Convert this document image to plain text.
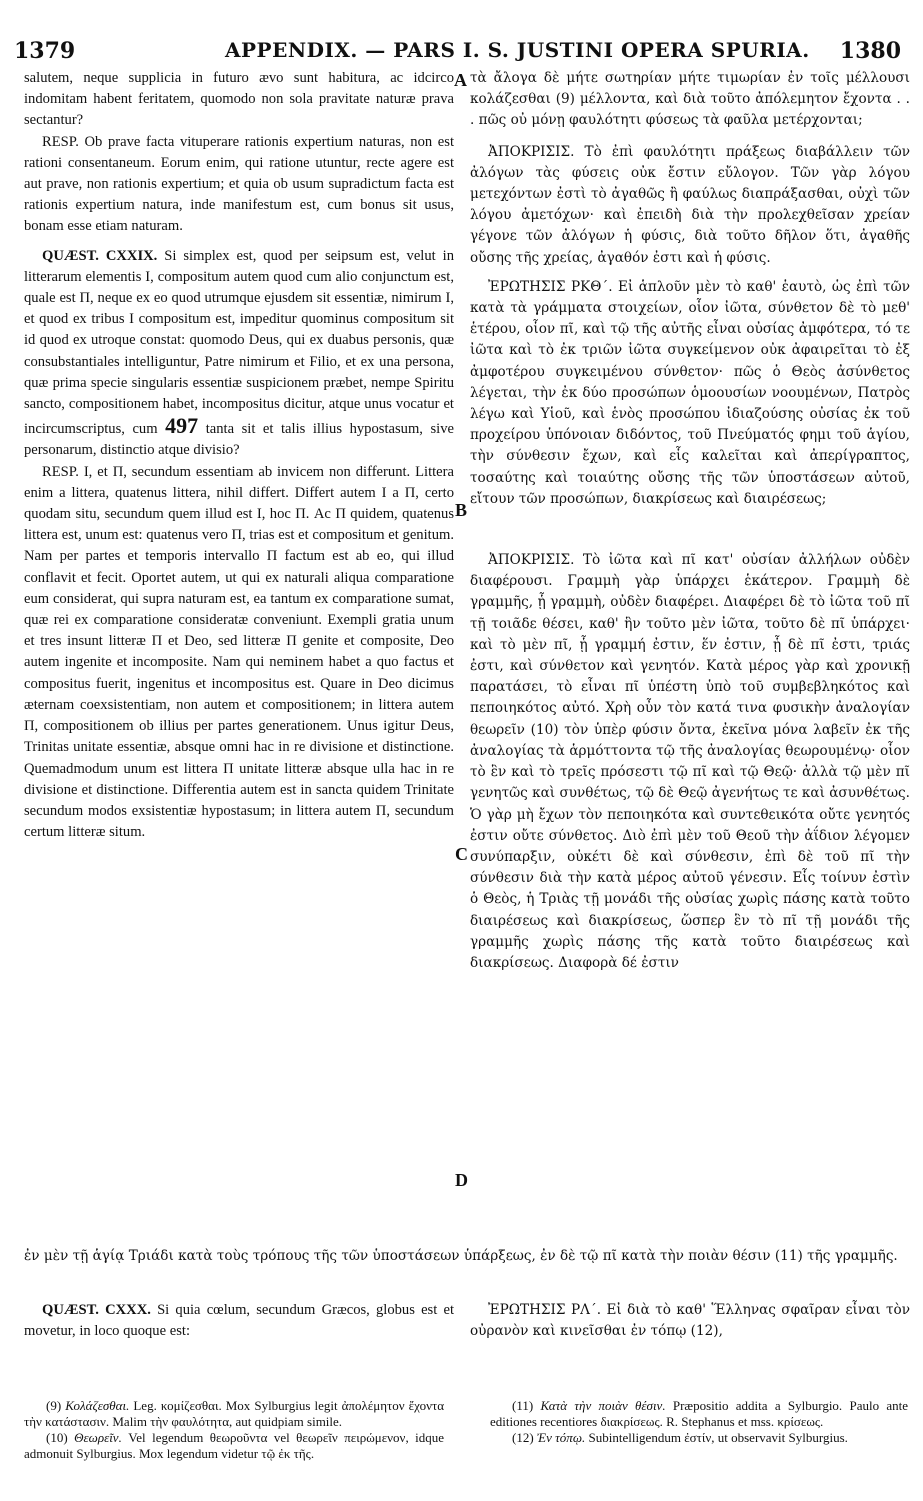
1379	APPENDIX. — PARS I. S. JUSTINI OPERA SPURIA. 1380
A
B
C
D

salutem, neque supplicia in futuro ævo sunt habitura, ac idcirco indomitam habent feritatem, quomodo non sola pravitate naturæ prava sectantur?

RESP. Ob prave facta vituperare rationis expertium naturas, non est rationi consentaneum. Eorum enim, qui ratione utuntur, recte agere est aut prave, non rationis expertium; et quia ob usum supradictum facta est rationis expertium natura, inde manifestum est, cum bonus sit usus, bonam esse etiam naturam.

QUÆST. CXXIX. Si simplex est, quod per seipsum est, velut in litterarum elementis I, compositum autem quod cum alio conjunctum est, quale est Π, neque ex eo quod utrumque ejusdem sit essentiæ, nimirum I, et quod ex tribus I compositum est, impeditur quominus compositum sit id quod ex utroque constat: quomodo Deus, qui ex duabus personis, quæ consubstantiales intelliguntur, Patre nimirum et Filio, et ex una persona, quæ prima specie singularis essentiæ suspicionem præbet, nempe Spiritu sancto, compositionem habet, incompositus dicitur, atque unus vocatur et incircumscriptus, cum 497 tanta sit et talis illius hypostasum, sive personarum, distinctio atque divisio?

RESP. I, et Π, secundum essentiam ab invicem non differunt. Littera enim a littera, quatenus littera, nihil differt. Differt autem I a Π, certo quodam situ, secundum quem illud est I, hoc Π. Ac Π quidem, quatenus littera est, unum est: quatenus vero Π, trias est et compositum et genitum. Nam per partes et temporis intervallo Π factum est ab eo, qui illud conflavit et fecit. Oportet autem, ut qui ex naturali aliqua comparatione eum considerat, qui supra naturam est, ea tantum ex comparatione sumat, quæ rei ex comparatione consideratæ conveniunt. Exempli gratia unum et tres insunt litteræ Π et Deo, sed litteræ Π genite et composite, Deo autem ingenite et incomposite. Nam qui neminem habet a quo factus et compositus fuerit, ingenitus et incompositus est. Quare in Deo dicimus æternam coexsistentiam, non autem et compositionem; in littera autem Π, compositionem ob illius per partes generationem. Unus igitur Deus, Trinitas unitate essentiæ, absque omni hac in re divisione et distinctione. Quemadmodum unum est littera Π unitate litteræ absque ulla hac in re divisione et distinctione. Differentia autem est in sancta quidem Trinitate secundum modos exsistentiæ hypostasum; in littera autem Π, secundum certum litteræ situm.

τὰ ἄλογα δὲ μήτε σωτηρίαν μήτε τιμωρίαν ἐν τοῖς μέλλουσι κολάζεσθαι (9) μέλλοντα, καὶ διὰ τοῦτο ἀπόλεμητον ἔχοντα . . . πῶς οὐ μόνῃ φαυλότητι φύσεως τὰ φαῦλα μετέρχονται;

ἈΠΟΚΡΙΣΙΣ. Τὸ ἐπὶ φαυλότητι πράξεως διαβάλλειν τῶν ἀλόγων τὰς φύσεις οὐκ ἔστιν εὔλογον. Τῶν γὰρ λόγου μετεχόντων ἐστὶ τὸ ἀγαθῶς ἢ φαύλως διαπράξασθαι, οὐχὶ τῶν λόγου ἀμετόχων· καὶ ἐπειδὴ διὰ τὴν προλεχθεῖσαν χρείαν γέγονε τῶν ἀλόγων ἡ φύσις, διὰ τοῦτο δῆλον ὅτι, ἀγαθῆς οὔσης τῆς χρείας, ἀγαθόν ἐστι καὶ ἡ φύσις.

ἘΡΩΤΗΣΙΣ ΡΚΘ΄. Εἰ ἁπλοῦν μὲν τὸ καθ' ἑαυτὸ, ὡς ἐπὶ τῶν κατὰ τὰ γράμματα στοιχείων, οἷον ἰῶτα, σύνθετον δὲ τὸ μεθ' ἑτέρου, οἷον πῖ, καὶ τῷ τῆς αὐτῆς εἶναι οὐσίας ἀμφότερα, τό τε ἰῶτα καὶ τὸ ἐκ τριῶν ἰῶτα συγκείμενον οὐκ ἀφαιρεῖται τὸ ἐξ ἀμφοτέρου συγκειμένου σύνθετον· πῶς ὁ Θεὸς ἀσύνθετος λέγεται, τὴν ἐκ δύο προσώπων ὁμοουσίων νοουμένων, Πατρὸς λέγω καὶ Υἱοῦ, καὶ ἑνὸς προσώπου ἰδιαζούσης οὐσίας ἐκ τοῦ προχείρου ὑπόνοιαν διδόντος, τοῦ Πνεύματός φημι τοῦ ἁγίου, τὴν σύνθεσιν ἔχων, καὶ εἷς καλεῖται καὶ ἀπερίγραπτος, τοσαύτης καὶ τοιαύτης οὔσης τῆς τῶν ὑποστάσεων αὐτοῦ, εἴτουν τῶν προσώπων, διακρίσεως καὶ διαιρέσεως;

ἈΠΟΚΡΙΣΙΣ. Τὸ ἰῶτα καὶ πῖ κατ' οὐσίαν ἀλλήλων οὐδὲν διαφέρουσι. Γραμμὴ γὰρ ὑπάρχει ἑκάτερον. Γραμμὴ δὲ γραμμῆς, ᾗ γραμμὴ, οὐδὲν διαφέρει. Διαφέρει δὲ τὸ ἰῶτα τοῦ πῖ τῇ τοιᾶδε θέσει, καθ' ἣν τοῦτο μὲν ἰῶτα, τοῦτο δὲ πῖ ὑπάρχει· καὶ τὸ μὲν πῖ, ᾗ γραμμή ἐστιν, ἕν ἐστιν, ᾗ δὲ πῖ ἐστι, τριάς ἐστι, καὶ σύνθετον καὶ γενητόν. Κατὰ μέρος γὰρ καὶ χρονικῇ παρατάσει, τὸ εἶναι πῖ ὑπέστη ὑπὸ τοῦ συμβεβληκότος καὶ πεποιηκότος αὐτό. Χρὴ οὖν τὸν κατά τινα φυσικὴν ἀναλογίαν θεωρεῖν (10) τὸν ὑπὲρ φύσιν ὄντα, ἐκεῖνα μόνα λαβεῖν ἐκ τῆς ἀναλογίας τὰ ἁρμόττοντα τῷ τῆς ἀναλογίας θεωρουμένῳ· οἷον τὸ ἓν καὶ τὸ τρεῖς πρόσεστι τῷ πῖ καὶ τῷ Θεῷ· ἀλλὰ τῷ μὲν πῖ γενητῶς καὶ συνθέτως, τῷ δὲ Θεῷ ἀγενήτως τε καὶ ἀσυνθέτως. Ὁ γὰρ μὴ ἔχων τὸν πεποιηκότα καὶ συντεθεικότα οὔτε γενητός ἐστιν οὔτε σύνθετος. Διὸ ἐπὶ μὲν τοῦ Θεοῦ τὴν ἀΐδιον λέγομεν συνύπαρξιν, οὐκέτι δὲ καὶ σύνθεσιν, ἐπὶ δὲ τοῦ πῖ τὴν σύνθεσιν διὰ τὴν κατὰ μέρος αὐτοῦ γένεσιν. Εἷς τοίνυν ἐστὶν ὁ Θεὸς, ἡ Τριὰς τῇ μονάδι τῆς οὐσίας χωρὶς πάσης κατὰ τοῦτο διαιρέσεως καὶ διακρίσεως, ὥσπερ ἓν τὸ πῖ τῇ μονάδι τῆς γραμμῆς χωρὶς πάσης τῆς κατὰ τοῦτο διαιρέσεως καὶ διακρίσεως. Διαφορὰ δέ ἐστιν

ἐν μὲν τῇ ἁγίᾳ Τριάδι κατὰ τοὺς τρόπους τῆς τῶν ὑποστάσεων ὑπάρξεως, ἐν δὲ τῷ πῖ κατὰ τὴν ποιὰν θέσιν (11) τῆς γραμμῆς.

QUÆST. CXXX. Si quia cœlum, secundum Græcos, globus est et movetur, in loco quoque est:

ἘΡΩΤΗΣΙΣ ΡΛ΄. Εἰ διὰ τὸ καθ' Ἕλληνας σφαῖραν εἶναι τὸν οὐρανὸν καὶ κινεῖσθαι ἐν τόπῳ (12),

(9) Κολάζεσθαι. Leg. κομίζεσθαι. Mox Sylburgius legit ἀπολέμητον ἔχοντα τὴν κατάστασιν. Malim τὴν φαυλότητα, aut quidpiam simile.

(10) Θεωρεῖν. Vel legendum θεωροῦντα vel θεωρεῖν πειρώμενον, idque admonuit Sylburgius. Mox legendum videtur τῷ ἐκ τῆς.

(11) Κατὰ τὴν ποιὰν θέσιν. Præpositio addita a Sylburgio. Paulo ante editiones recentiores διακρίσεως. R. Stephanus et mss. κρίσεως.

(12) Ἐν τόπῳ. Subintelligendum ἐστίν, ut observavit Sylburgius.
